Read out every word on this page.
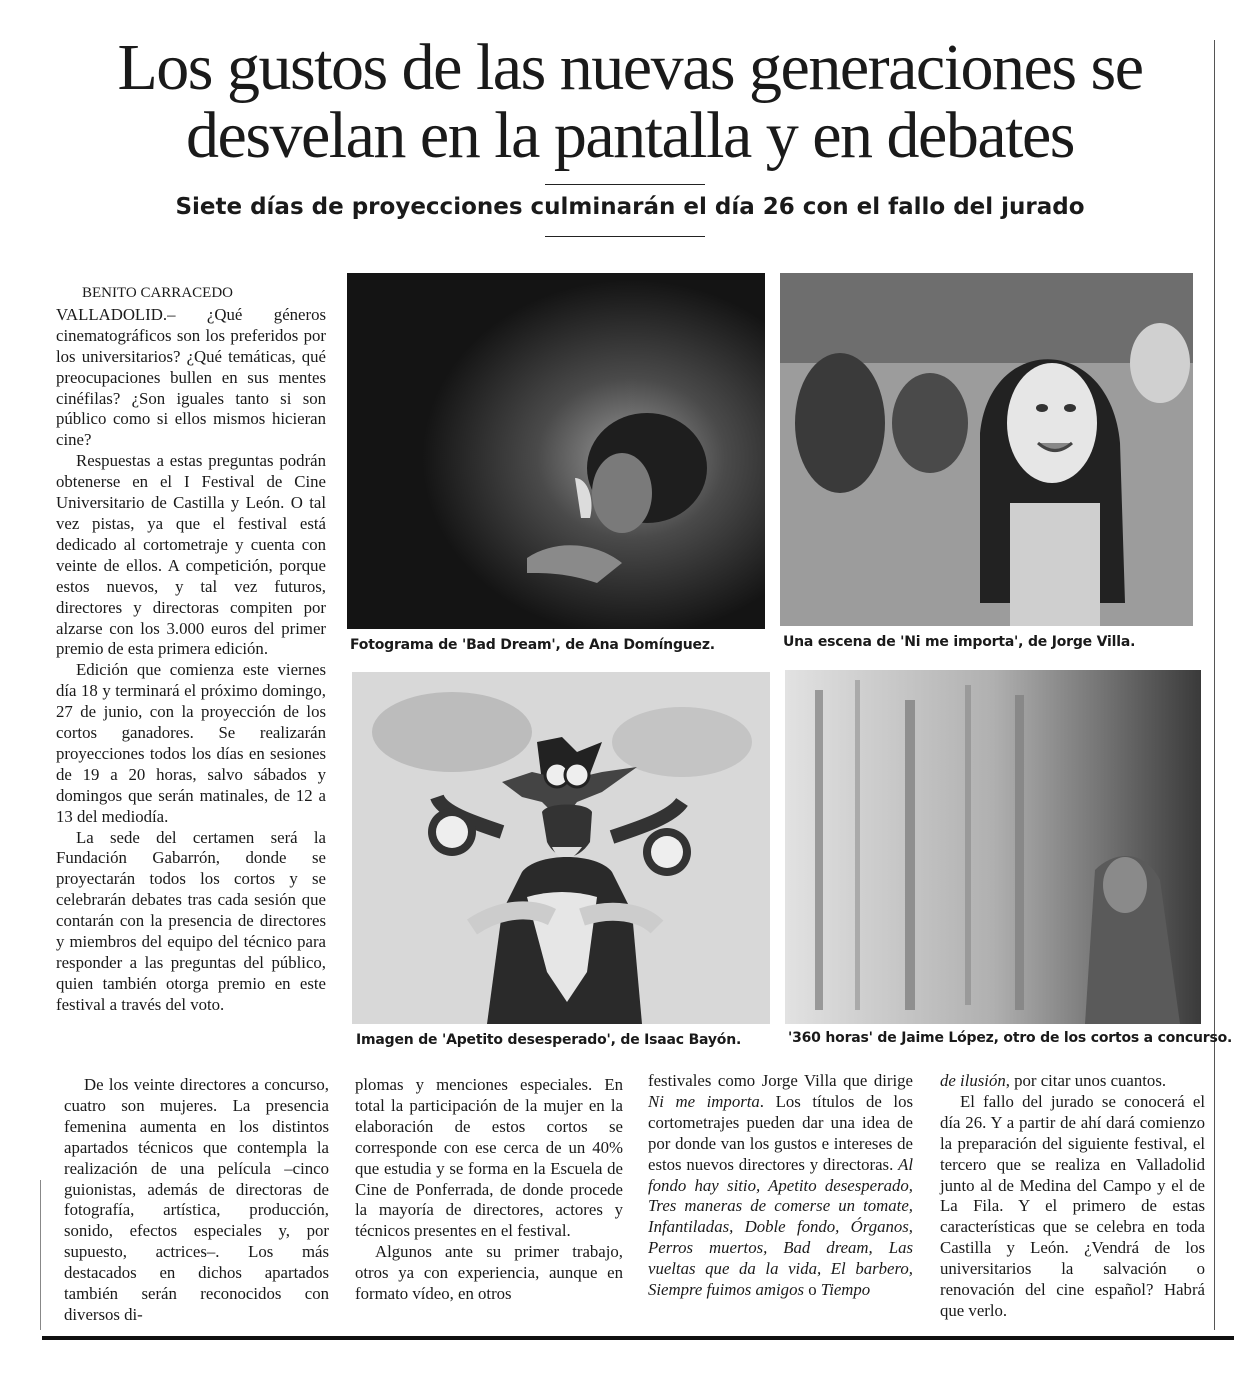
Los gustos de las nuevas generaciones se
desvelan en la pantalla y en debates
Siete días de proyecciones culminarán el día 26 con el fallo del jurado
BENITO CARRACEDO

VALLADOLID.– ¿Qué géneros cinematográficos son los preferidos por los universitarios? ¿Qué temáticas, qué preocupaciones bullen en sus mentes cinéfilas? ¿Son iguales tanto si son público como si ellos mismos hicieran cine?

Respuestas a estas preguntas podrán obtenerse en el I Festival de Cine Universitario de Castilla y León. O tal vez pistas, ya que el festival está dedicado al cortometraje y cuenta con veinte de ellos. A competición, porque estos nuevos, y tal vez futuros, directores y directoras compiten por alzarse con los 3.000 euros del primer premio de esta primera edición.

Edición que comienza este viernes día 18 y terminará el próximo domingo, 27 de junio, con la proyección de los cortos ganadores. Se realizarán proyecciones todos los días en sesiones de 19 a 20 horas, salvo sábados y domingos que serán matinales, de 12 a 13 del mediodía.

La sede del certamen será la Fundación Gabarrón, donde se proyectarán todos los cortos y se celebrarán debates tras cada sesión que contarán con la presencia de directores y miembros del equipo del técnico para responder a las preguntas del público, quien también otorga premio en este festival a través del voto.

De los veinte directores a concurso, cuatro son mujeres. La presencia femenina aumenta en los distintos apartados técnicos que contempla la realización de una película –cinco guionistas, además de directoras de fotografía, artística, producción, sonido, efectos especiales y, por supuesto, actrices–. Los más destacados en dichos apartados también serán reconocidos con diversos di-

plomas y menciones especiales. En total la participación de la mujer en la elaboración de estos cortos se corresponde con ese cerca de un 40% que estudia y se forma en la Escuela de Cine de Ponferrada, de donde procede la mayoría de directores, actores y técnicos presentes en el festival.

Algunos ante su primer trabajo, otros ya con experiencia, aunque en formato vídeo, en otros

festivales como Jorge Villa que dirige Ni me importa. Los títulos de los cortometrajes pueden dar una idea de por donde van los gustos e intereses de estos nuevos directores y directoras. Al fondo hay sitio, Apetito desesperado, Tres maneras de comerse un tomate, Infantiladas, Doble fondo, Órganos, Perros muertos, Bad dream, Las vueltas que da la vida, El barbero, Siempre fuimos amigos o Tiempo

de ilusión, por citar unos cuantos.

El fallo del jurado se conocerá el día 26. Y a partir de ahí dará comienzo la preparación del siguiente festival, el tercero que se realiza en Valladolid junto al de Medina del Campo y el de La Fila. Y el primero de estas características que se celebra en toda Castilla y León. ¿Vendrá de los universitarios la salvación o renovación del cine español? Habrá que verlo.

Fotograma de 'Bad Dream', de Ana Domínguez.	Una escena de 'Ni me importa', de Jorge Villa.
Imagen de 'Apetito desesperado', de Isaac Bayón.	'360 horas' de Jaime López, otro de los cortos a concurso.
